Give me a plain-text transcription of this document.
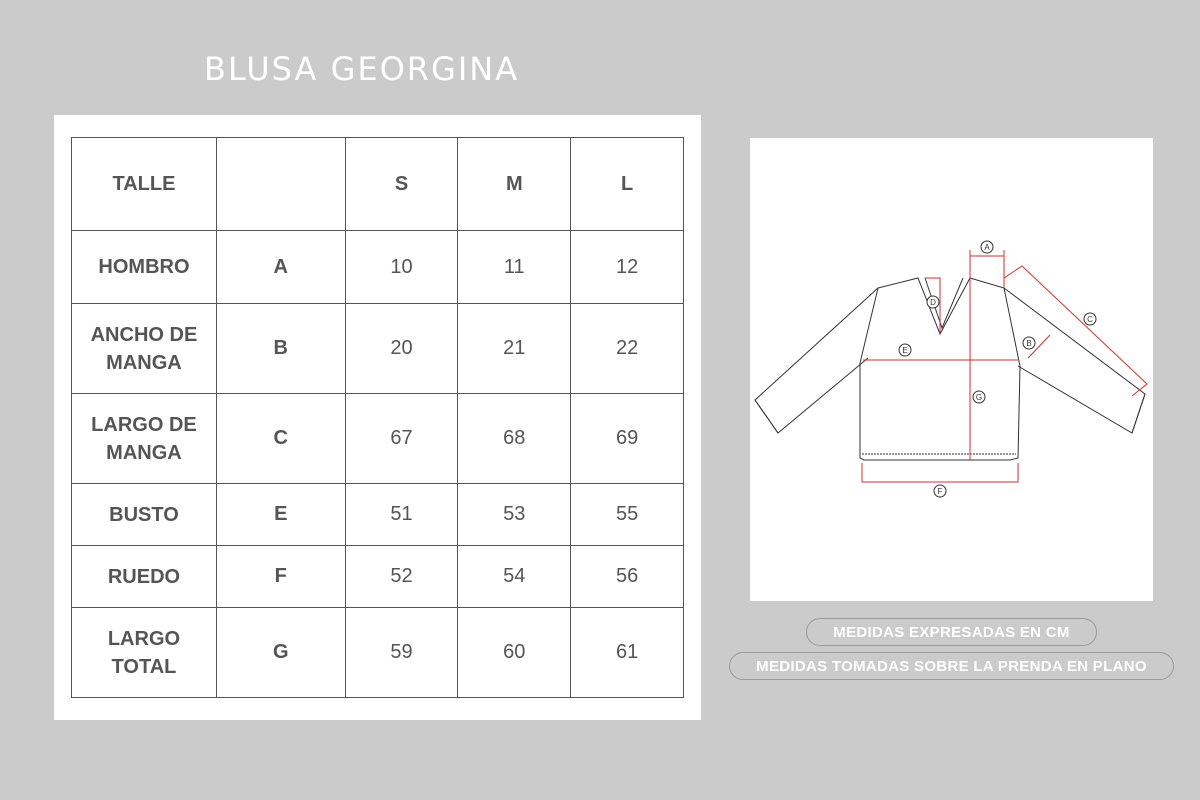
BLUSA GEORGINA
TALLE		S	M	L
HOMBRO	A	10	11	12

ANCHO DE MANGA	B	20	21	22

LARGO DE MANGA	C	67	68	69
BUSTO	E	51	53	55
RUEDO	F	52	54	56

LARGO TOTAL	G	59	60	61
A
B
C
D
E
F
G
MEDIDAS EXPRESADAS EN CM
MEDIDAS TOMADAS SOBRE LA PRENDA EN PLANO
